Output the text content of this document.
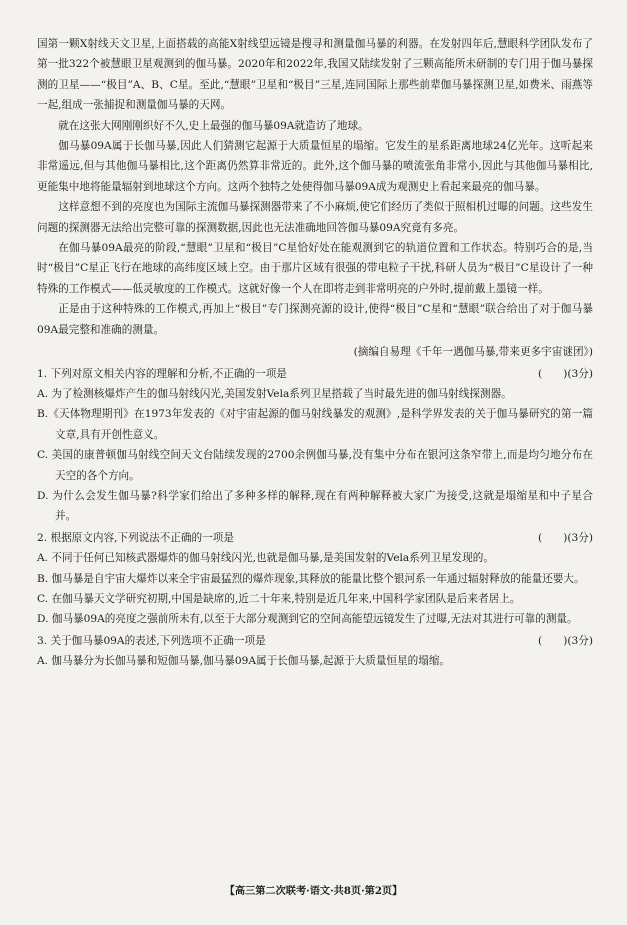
国第一颗X射线天文卫星,上面搭载的高能X射线望远镜是搜寻和测量伽马暴的利器。在发射四年后,慧眼科学团队发布了第一批322个被慧眼卫星观测到的伽马暴。2020年和2022年,我国又陆续发射了三颗高能所未研制的专门用于伽马暴探测的卫星——“极目”A、B、C星。至此,“慧眼”卫星和“极目”三星,连同国际上那些前辈伽马暴探测卫星,如费米、雨燕等一起,组成一张捕捉和测量伽马暴的天网。

就在这张大网刚刚织好不久,史上最强的伽马暴09A就造访了地球。

伽马暴09A属于长伽马暴,因此人们猜测它起源于大质量恒星的塌缩。它发生的星系距离地球24亿光年。这听起来非常遥远,但与其他伽马暴相比,这个距离仍然算非常近的。此外,这个伽马暴的喷流张角非常小,因此与其他伽马暴相比,更能集中地将能量辐射到地球这个方向。这两个独特之处使得伽马暴09A成为观测史上看起来最亮的伽马暴。

这样意想不到的亮度也为国际主流伽马暴探测器带来了不小麻烦,使它们经历了类似于照相机过曝的问题。这些发生问题的探测器无法给出完整可靠的探测数据,因此也无法准确地回答伽马暴09A究竟有多亮。

在伽马暴09A最亮的阶段,“慧眼”卫星和“极目”C星恰好处在能观测到它的轨道位置和工作状态。特别巧合的是,当时“极目”C星正飞行在地球的高纬度区域上空。由于那片区域有很强的带电粒子干扰,科研人员为“极目”C星设计了一种特殊的工作模式——低灵敏度的工作模式。这就好像一个人在即将走到非常明亮的户外时,提前戴上墨镜一样。

正是由于这种特殊的工作模式,再加上“极目”专门探测亮源的设计,使得“极目”C星和“慧眼”联合给出了对于伽马暴09A最完整和准确的测量。

(摘编自易理《千年一遇伽马暴,带来更多宇宙谜团》)

1. 下列对原文相关内容的理解和分析,不正确的一项是	(　　)(3分)

A. 为了检测核爆炸产生的伽马射线闪光,美国发射Vela系列卫星搭载了当时最先进的伽马射线探测器。

B.《天体物理期刊》在1973年发表的《对宇宙起源的伽马射线暴发的观测》,是科学界发表的关于伽马暴研究的第一篇文章,具有开创性意义。

C. 美国的康普顿伽马射线空间天文台陆续发现的2700余例伽马暴,没有集中分布在银河这条窄带上,而是均匀地分布在天空的各个方向。

D. 为什么会发生伽马暴?科学家们给出了多种多样的解释,现在有两种解释被大家广为接受,这就是塌缩星和中子星合并。

2. 根据原文内容,下列说法不正确的一项是	(　　)(3分)

A. 不同于任何已知核武器爆炸的伽马射线闪光,也就是伽马暴,是美国发射的Vela系列卫星发现的。

B. 伽马暴是自宇宙大爆炸以来全宇宙最猛烈的爆炸现象,其释放的能量比整个银河系一年通过辐射释放的能量还要大。

C. 在伽马暴天文学研究初期,中国是缺席的,近二十年来,特别是近几年来,中国科学家团队是后来者居上。

D. 伽马暴09A的亮度之强前所未有,以至于大部分观测到它的空间高能望远镜发生了过曝,无法对其进行可靠的测量。

3. 关于伽马暴09A的表述,下列选项不正确一项是	(　　)(3分)

A. 伽马暴分为长伽马暴和短伽马暴,伽马暴09A属于长伽马暴,起源于大质量恒星的塌缩。

【高三第二次联考·语文·共8页·第2页】
